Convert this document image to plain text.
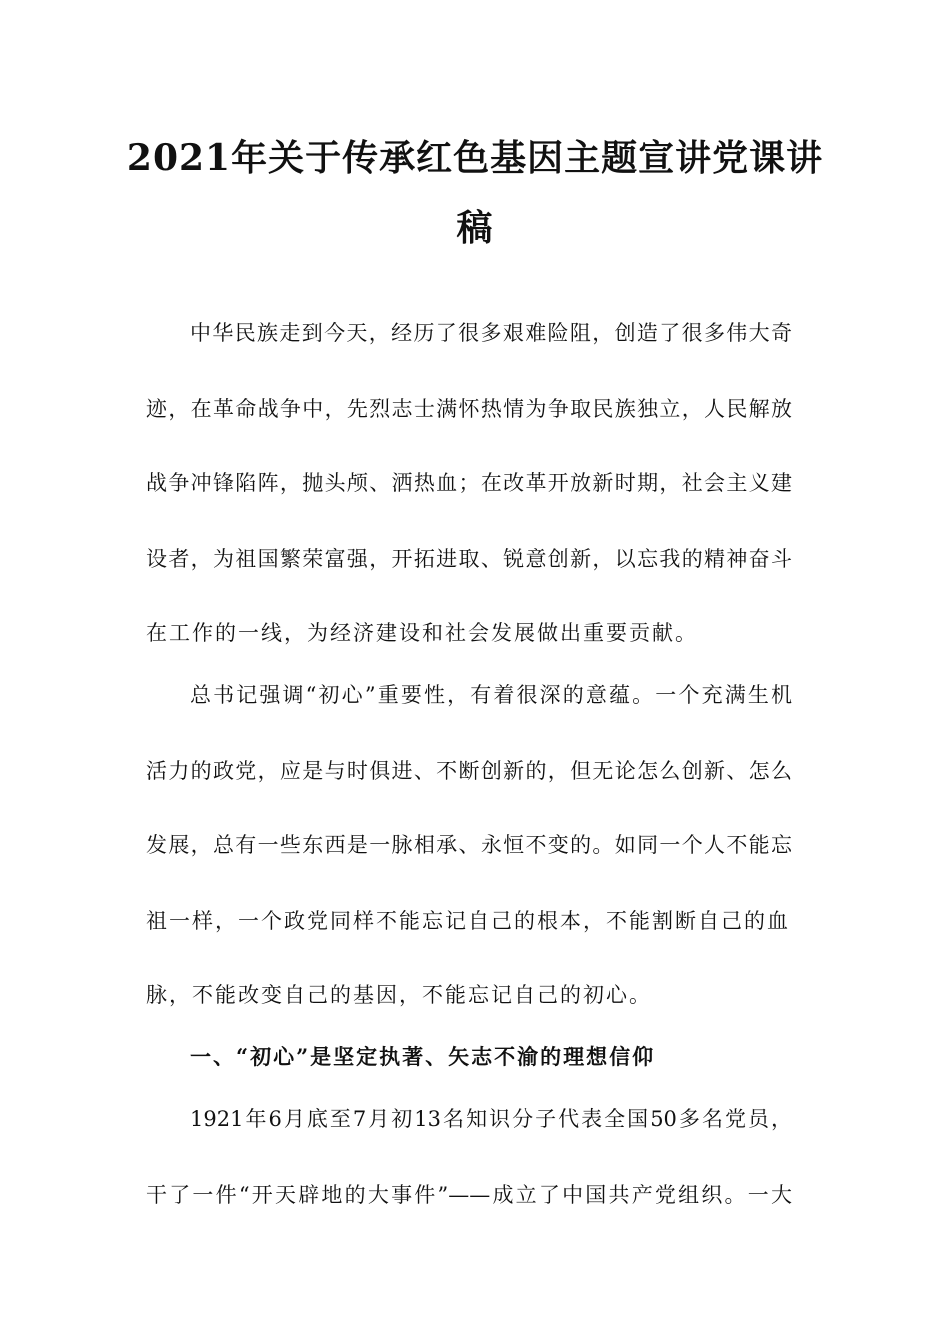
2021年关于传承红色基因主题宣讲党课讲
稿
中华民族走到今天，经历了很多艰难险阻，创造了很多伟大奇
迹，在革命战争中，先烈志士满怀热情为争取民族独立，人民解放
战争冲锋陷阵，抛头颅、洒热血；在改革开放新时期，社会主义建
设者，为祖国繁荣富强，开拓进取、锐意创新，以忘我的精神奋斗
在工作的一线，为经济建设和社会发展做出重要贡献。
总书记强调“初心”重要性，有着很深的意蕴。一个充满生机
活力的政党，应是与时俱进、不断创新的，但无论怎么创新、怎么
发展，总有一些东西是一脉相承、永恒不变的。如同一个人不能忘
祖一样，一个政党同样不能忘记自己的根本，不能割断自己的血
脉，不能改变自己的基因，不能忘记自己的初心。
一、“初心”是坚定执著、矢志不渝的理想信仰
1921年6月底至7月初13名知识分子代表全国50多名党员，
干了一件“开天辟地的大事件”——成立了中国共产党组织。一大
